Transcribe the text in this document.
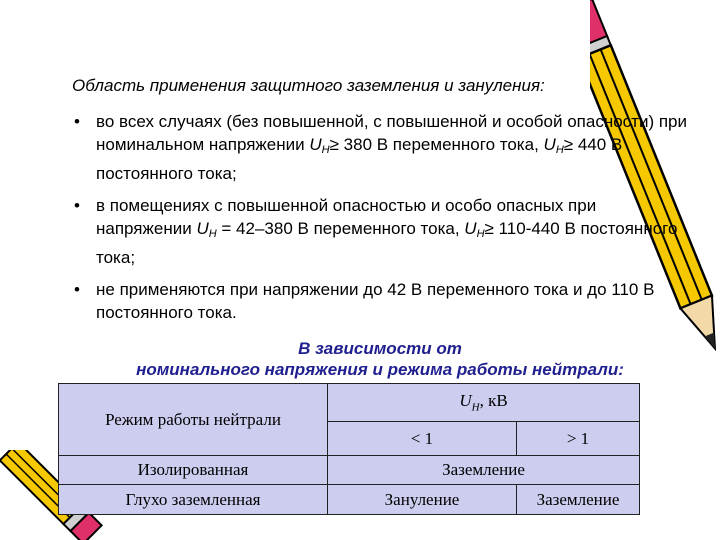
Область применения защитного заземления и зануления:
• во всех случаях (без повышенной, с повышенной и особой опасности) при номинальном напряжении $U_Н\ge 380$ В переменного тока, $U_Н\ge 440$ В постоянного тока;
• в помещениях с повышенной опасностью и особо опасных при напряжении $U_Н = 42-380$ В переменного тока, $U_Н\ge 110-440$ В постоянного тока;
• не применяются при напряжении до 42 В переменного тока и до 110 В постоянного тока.
В зависимости от
номинального напряжения и режима работы нейтрали:
Режим работы нейтрали	$U_Н$, кВ	
	< 1	> 1
Изолированная	Заземление	
Глухо заземленная	Зануление	Заземление
